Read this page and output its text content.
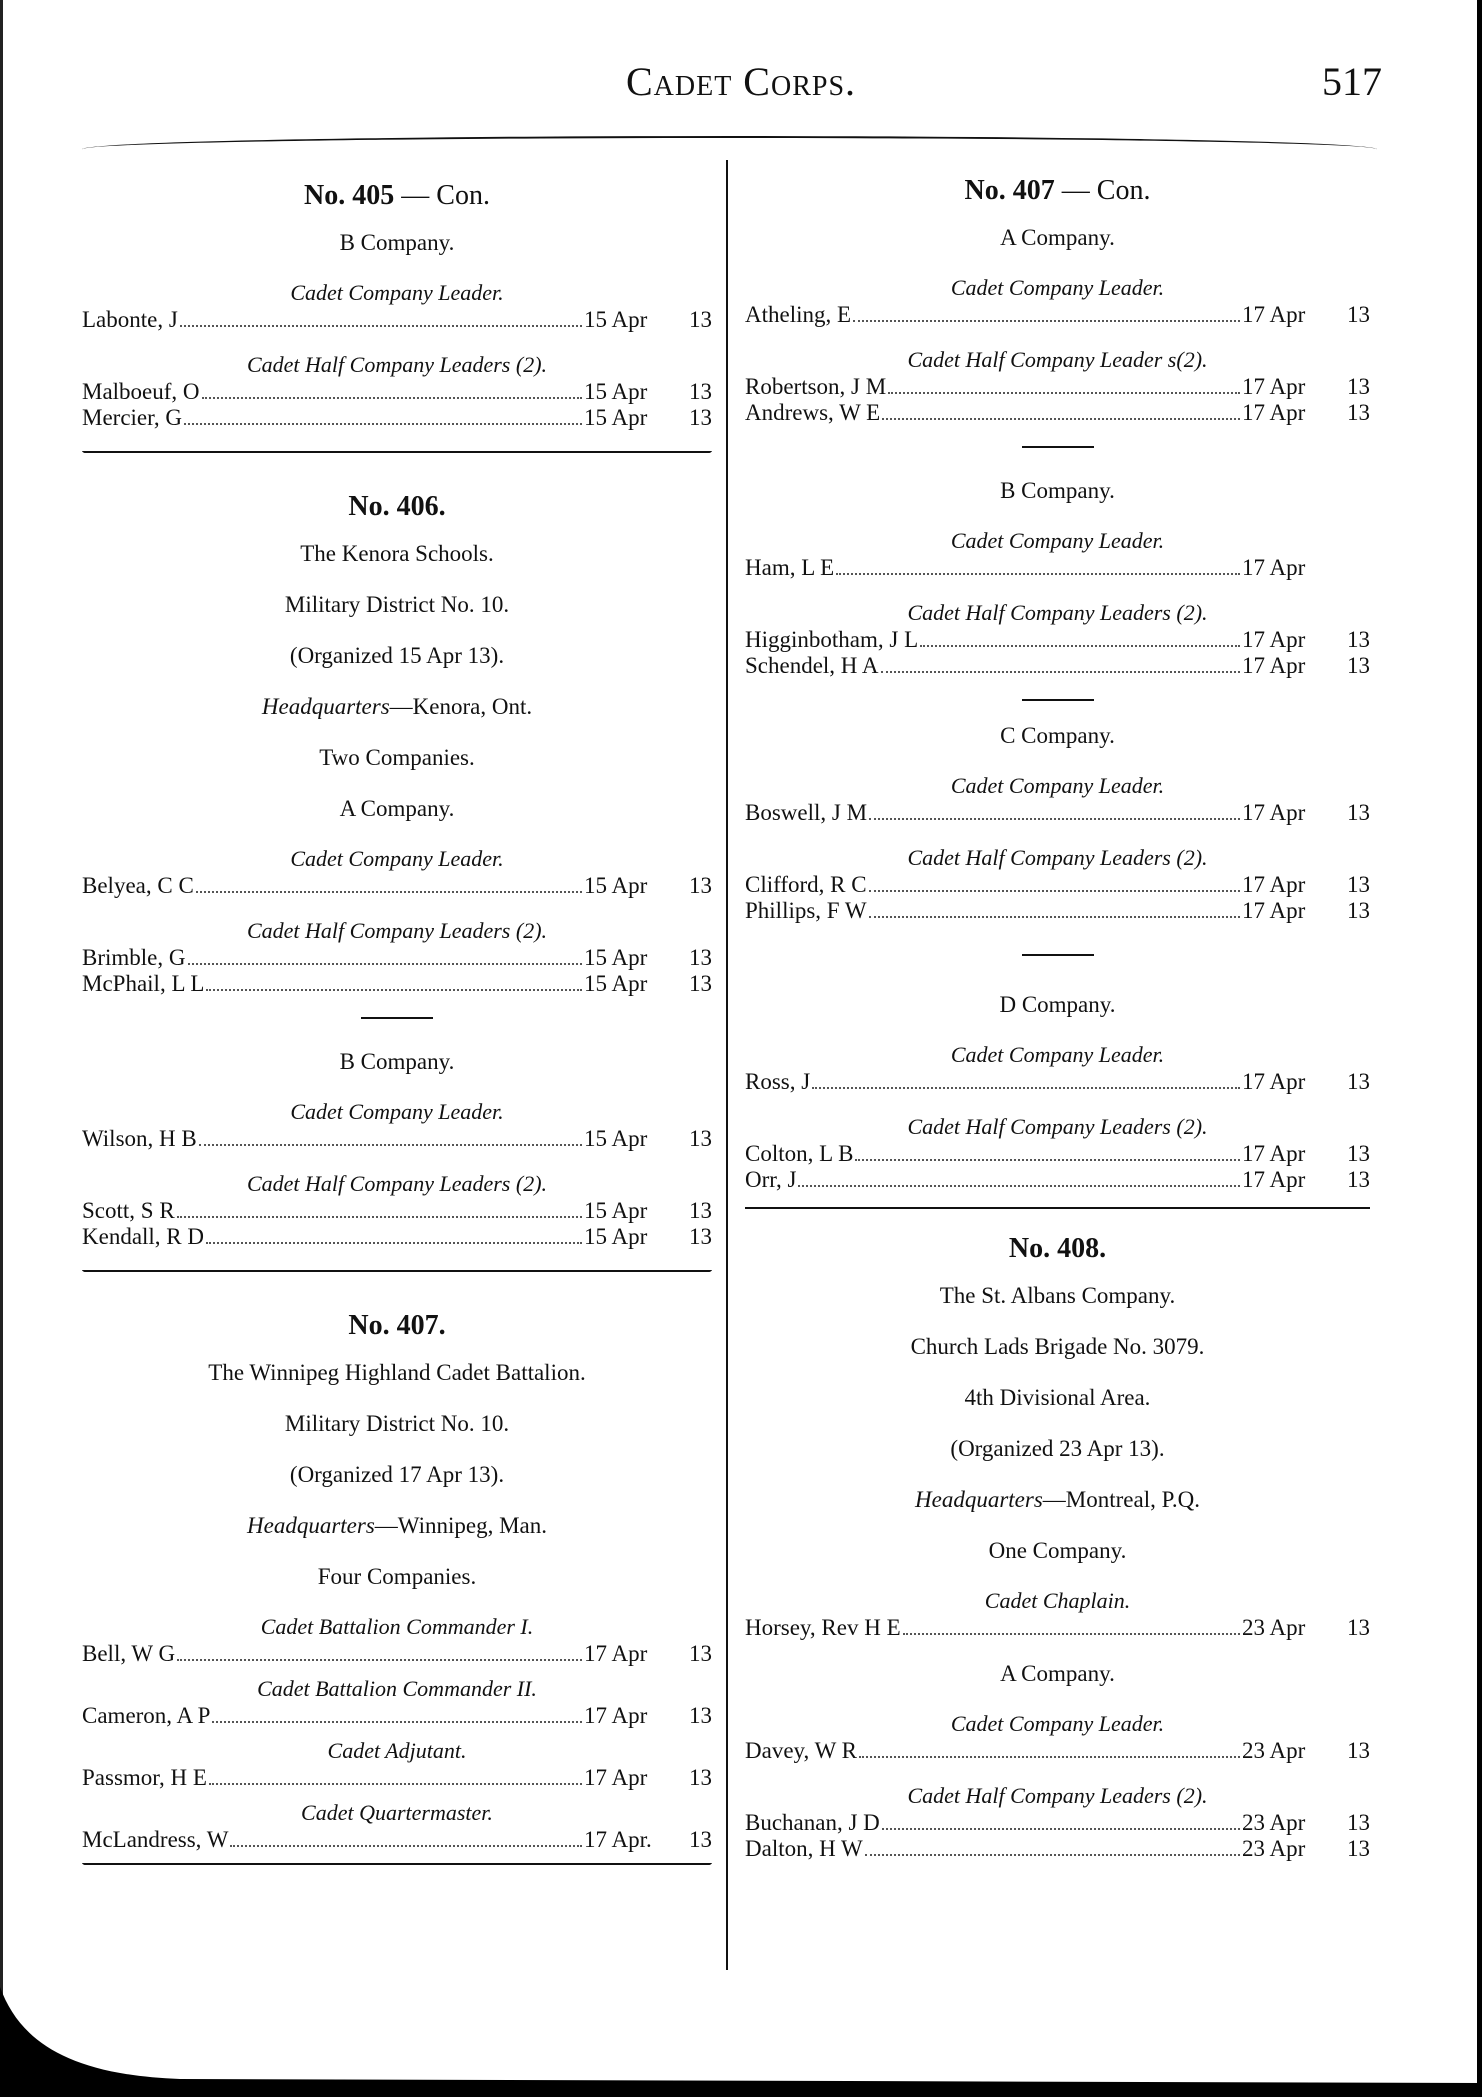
Cadet Corps.	517
No. 405 — Con.
B Company.
Cadet Company Leader.
Labonte, J	15 Apr	13
Cadet Half Company Leaders (2).
Malboeuf, O	15 Apr	13
Mercier, G	15 Apr	13
No. 406.
The Kenora Schools.
Military District No. 10.
(Organized 15 Apr 13).
Headquarters—Kenora, Ont.
Two Companies.
A Company.
Cadet Company Leader.
Belyea, C C	15 Apr	13
Cadet Half Company Leaders (2).
Brimble, G	15 Apr	13
McPhail, L L	15 Apr	13
B Company.
Cadet Company Leader.
Wilson, H B	15 Apr	13
Cadet Half Company Leaders (2).
Scott, S R	15 Apr	13
Kendall, R D	15 Apr	13
No. 407.
The Winnipeg Highland Cadet Battalion.
Military District No. 10.
(Organized 17 Apr 13).
Headquarters—Winnipeg, Man.
Four Companies.
Cadet Battalion Commander I.
Bell, W G	17 Apr	13
Cadet Battalion Commander II.
Cameron, A P	17 Apr	13
Cadet Adjutant.
Passmor, H E	17 Apr	13
Cadet Quartermaster.
McLandress, W	17 Apr.	13
No. 407 — Con.
A Company.
Cadet Company Leader.
Atheling, E	17 Apr	13
Cadet Half Company Leader s(2).
Robertson, J M	17 Apr	13
Andrews, W E	17 Apr	13
B Company.
Cadet Company Leader.
Ham, L E	17 Apr
Cadet Half Company Leaders (2).
Higginbotham, J L	17 Apr	13
Schendel, H A	17 Apr	13
C Company.
Cadet Company Leader.
Boswell, J M	17 Apr	13
Cadet Half Company Leaders (2).
Clifford, R C	17 Apr	13
Phillips, F W	17 Apr	13
D Company.
Cadet Company Leader.
Ross, J	17 Apr	13
Cadet Half Company Leaders (2).
Colton, L B	17 Apr	13
Orr, J	17 Apr	13
No. 408.
The St. Albans Company.
Church Lads Brigade No. 3079.
4th Divisional Area.
(Organized 23 Apr 13).
Headquarters—Montreal, P.Q.
One Company.
Cadet Chaplain.
Horsey, Rev H E	23 Apr	13
A Company.
Cadet Company Leader.
Davey, W R	23 Apr	13
Cadet Half Company Leaders (2).
Buchanan, J D	23 Apr	13
Dalton, H W	23 Apr	13
